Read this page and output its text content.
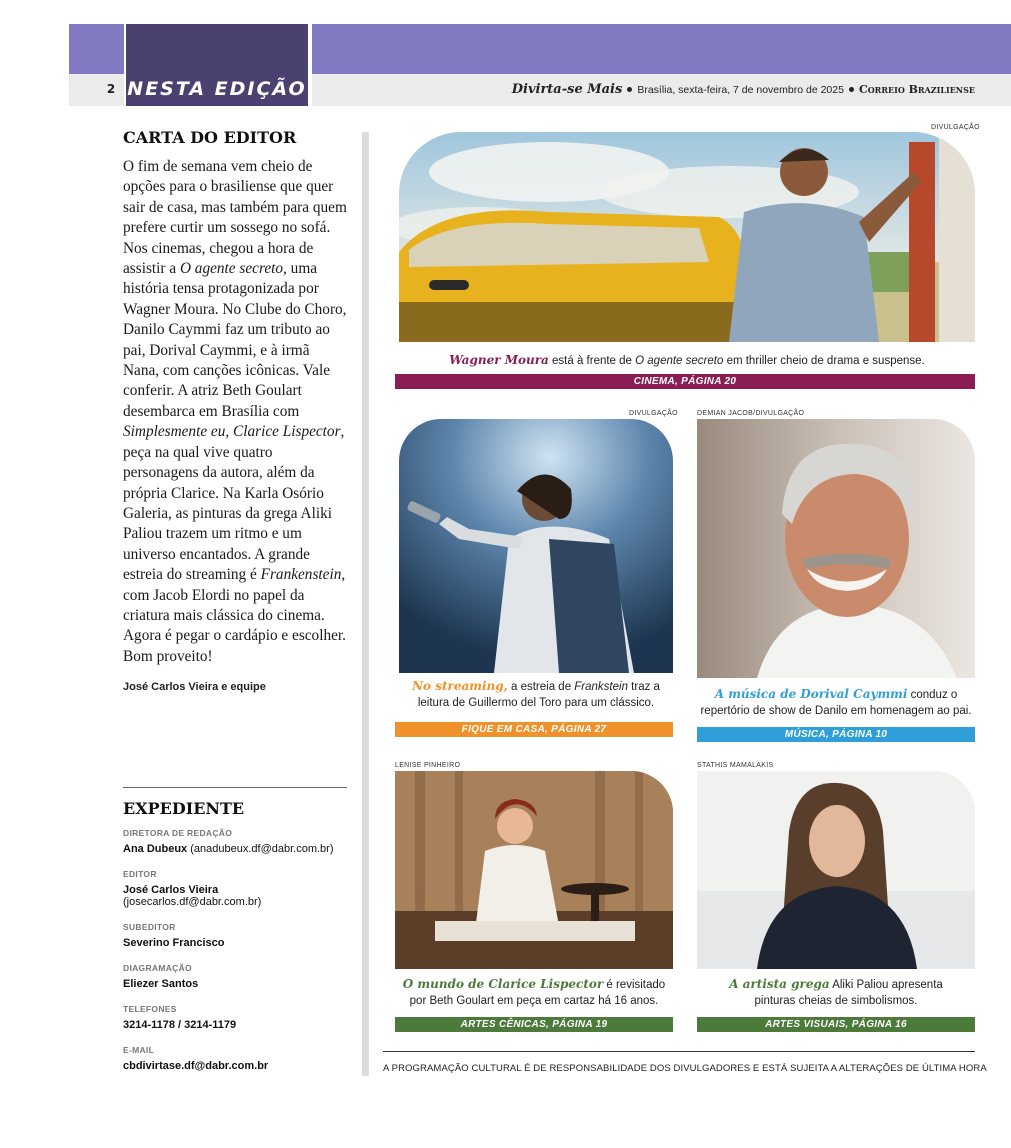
NESTA EDIÇÃO
2	Divirta-se Mais Brasília, sexta-feira, 7 de novembro de 2025 Correio Braziliense
CARTA DO EDITOR

O fim de semana vem cheio de opções para o brasiliense que quer sair de casa, mas também para quem prefere curtir um sossego no sofá. Nos cinemas, chegou a hora de assistir a O agente secreto, uma história tensa protagonizada por Wagner Moura. No Clube do Choro, Danilo Caymmi faz um tributo ao pai, Dorival Caymmi, e à irmã Nana, com canções icônicas. Vale conferir. A atriz Beth Goulart desembarca em Brasília com Simplesmente eu, Clarice Lispector, peça na qual vive quatro personagens da autora, além da própria Clarice. Na Karla Osório Galeria, as pinturas da grega Aliki Paliou trazem um ritmo e um universo encantados. A grande estreia do streaming é Frankenstein, com Jacob Elordi no papel da criatura mais clássica do cinema. Agora é pegar o cardápio e escolher.

Bom proveito!

José Carlos Vieira e equipe
EXPEDIENTE
DIRETORA DE REDAÇÃO
Ana Dubeux (anadubeux.df@dabr.com.br)
EDITOR
José Carlos Vieira (josecarlos.df@dabr.com.br)
SUBEDITOR
Severino Francisco
DIAGRAMAÇÃO
Eliezer Santos
TELEFONES
3214-1178 / 3214-1179
E-MAIL
cbdivirtase.df@dabr.com.br
DIVULGAÇÃO
Wagner Moura está à frente de O agente secreto em thriller cheio de drama e suspense.
CINEMA, PÁGINA 20
DIVULGAÇÃO
No streaming, a estreia de Frankstein traz a
leitura de Guillermo del Toro para um clássico.
FIQUE EM CASA, PÁGINA 27
DEMIAN JACOB/DIVULGAÇÃO
A música de Dorival Caymmi conduz o
repertório de show de Danilo em homenagem ao pai.
MÚSICA, PÁGINA 10
LENISE PINHEIRO
O mundo de Clarice Lispector é revisitado
por Beth Goulart em peça em cartaz há 16 anos.
ARTES CÊNICAS, PÁGINA 19
STATHIS MAMALAKIS
A artista grega Aliki Paliou apresenta
pinturas cheias de simbolismos.
ARTES VISUAIS, PÁGINA 16
A PROGRAMAÇÃO CULTURAL É DE RESPONSABILIDADE DOS DIVULGADORES E ESTÁ SUJEITA A ALTERAÇÕES DE ÚLTIMA HORA
